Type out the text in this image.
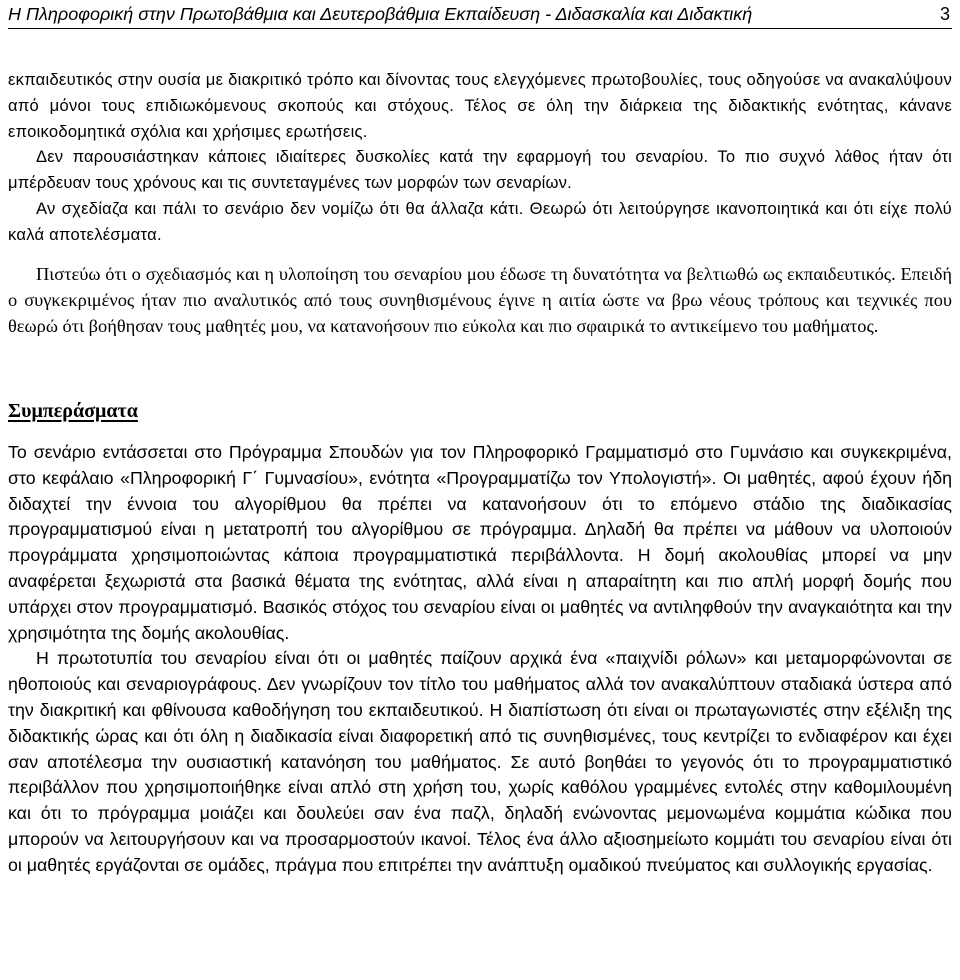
Η Πληροφορική στην Πρωτοβάθμια και Δευτεροβάθμια Εκπαίδευση - Διδασκαλία και Διδακτική	3

εκπαιδευτικός στην ουσία με διακριτικό τρόπο και δίνοντας τους ελεγχόμενες πρωτοβουλίες, τους οδηγούσε να ανακαλύψουν από μόνοι τους επιδιωκόμενους σκοπούς και στόχους. Τέλος σε όλη την διάρκεια της διδακτικής ενότητας, κάνανε εποικοδομητικά σχόλια και χρήσιμες ερωτήσεις.

Δεν παρουσιάστηκαν κάποιες ιδιαίτερες δυσκολίες κατά την εφαρμογή του σεναρίου. Το πιο συχνό λάθος ήταν ότι μπέρδευαν τους χρόνους και τις συντεταγμένες των μορφών των σεναρίων.

Αν σχεδίαζα και πάλι το σενάριο δεν νομίζω ότι θα άλλαζα κάτι. Θεωρώ ότι λειτούργησε ικανοποιητικά και ότι είχε πολύ καλά αποτελέσματα.

Πιστεύω ότι ο σχεδιασμός και η υλοποίηση του σεναρίου μου έδωσε τη δυνατότητα να βελτιωθώ ως εκπαιδευτικός. Επειδή ο συγκεκριμένος ήταν πιο αναλυτικός από τους συνηθισμένους έγινε η αιτία ώστε να βρω νέους τρόπους και τεχνικές που θεωρώ ότι βοήθησαν τους μαθητές μου, να κατανοήσουν πιο εύκολα και πιο σφαιρικά το αντικείμενο του μαθήματος.

Συμπεράσματα

Το σενάριο εντάσσεται στο Πρόγραμμα Σπουδών για τον Πληροφορικό Γραμματισμό στο Γυμνάσιο και συγκεκριμένα, στο κεφάλαιο «Πληροφορική Γ΄ Γυμνασίου», ενότητα «Προγραμματίζω τον Υπολογιστή». Οι μαθητές, αφού έχουν ήδη διδαχτεί την έννοια του αλγορίθμου θα πρέπει να κατανοήσουν ότι το επόμενο στάδιο της διαδικασίας προγραμματισμού είναι η μετατροπή του αλγορίθμου σε πρόγραμμα. Δηλαδή θα πρέπει να μάθουν να υλοποιούν προγράμματα χρησιμοποιώντας κάποια προγραμματιστικά περιβάλλοντα. Η δομή ακολουθίας μπορεί να μην αναφέρεται ξεχωριστά στα βασικά θέματα της ενότητας, αλλά είναι η απαραίτητη και πιο απλή μορφή δομής που υπάρχει στον προγραμματισμό. Βασικός στόχος του σεναρίου είναι οι μαθητές να αντιληφθούν την αναγκαιότητα και την χρησιμότητα της δομής ακολουθίας.

Η πρωτοτυπία του σεναρίου είναι ότι οι μαθητές παίζουν αρχικά ένα «παιχνίδι ρόλων» και μεταμορφώνονται σε ηθοποιούς και σεναριογράφους. Δεν γνωρίζουν τον τίτλο του μαθήματος αλλά τον ανακαλύπτουν σταδιακά ύστερα από την διακριτική και φθίνουσα καθοδήγηση του εκπαιδευτικού. Η διαπίστωση ότι είναι οι πρωταγωνιστές στην εξέλιξη της διδακτικής ώρας και ότι όλη η διαδικασία είναι διαφορετική από τις συνηθισμένες, τους κεντρίζει το ενδιαφέρον και έχει σαν αποτέλεσμα την ουσιαστική κατανόηση του μαθήματος. Σε αυτό βοηθάει το γεγονός ότι το προγραμματιστικό περιβάλλον που χρησιμοποιήθηκε είναι απλό στη χρήση του, χωρίς καθόλου γραμμένες εντολές στην καθομιλουμένη και ότι το πρόγραμμα μοιάζει και δουλεύει σαν ένα παζλ, δηλαδή ενώνοντας μεμονωμένα κομμάτια κώδικα που μπορούν να λειτουργήσουν και να προσαρμοστούν ικανοί. Τέλος ένα άλλο αξιοσημείωτο κομμάτι του σεναρίου είναι ότι οι μαθητές εργάζονται σε ομάδες, πράγμα που επιτρέπει την ανάπτυξη ομαδικού πνεύματος και συλλογικής εργασίας.
